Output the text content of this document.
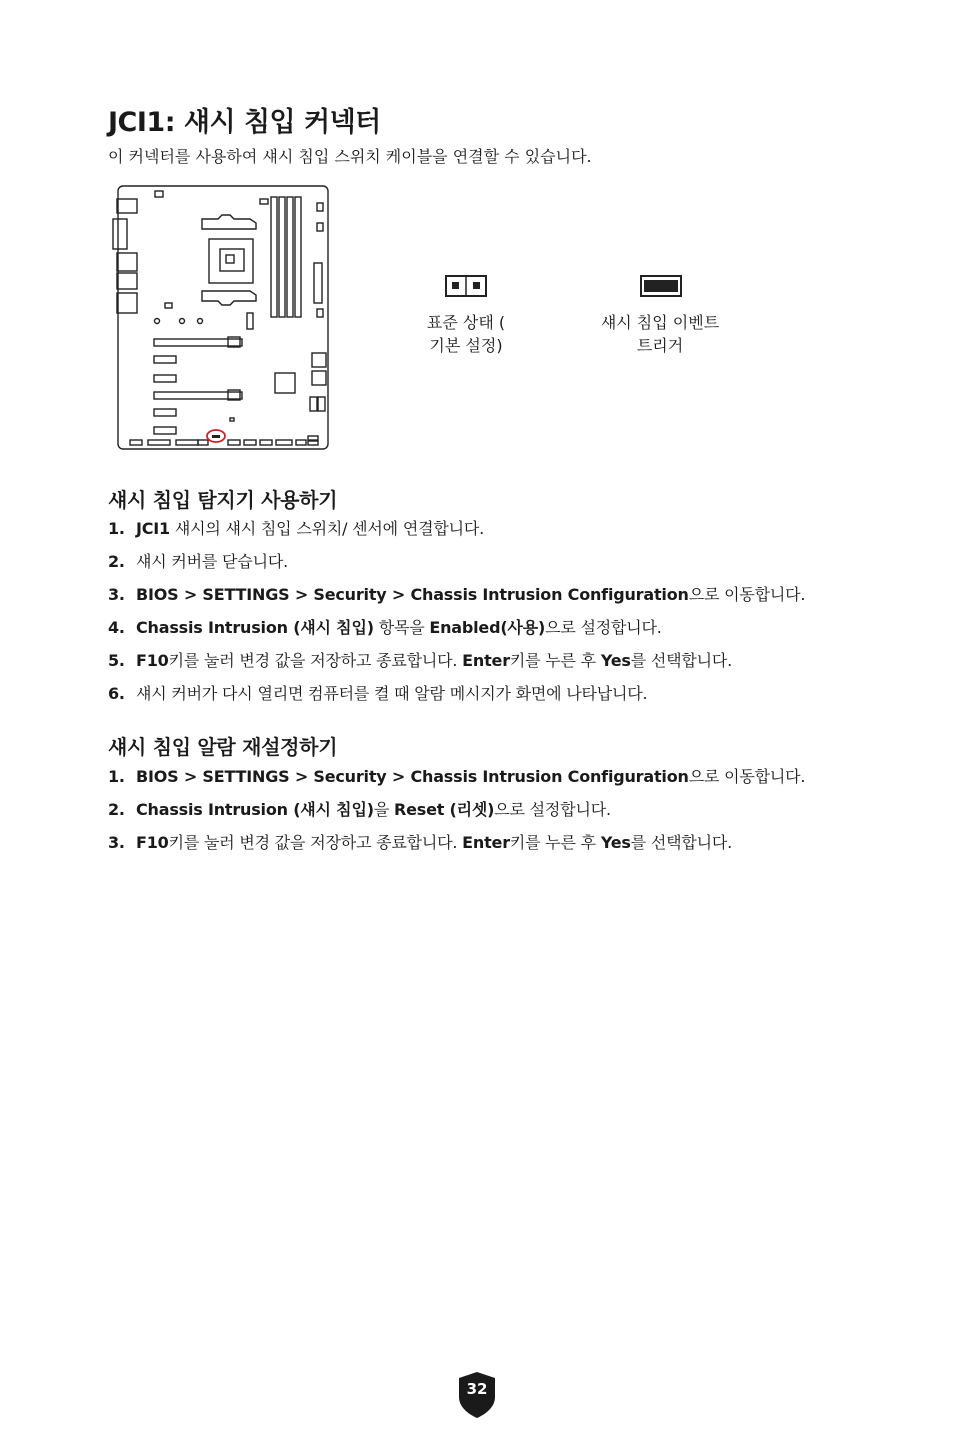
JCI1: 섀시 침입 커넥터
이 커넥터를 사용하여 섀시 침입 스위치 케이블을 연결할 수 있습니다.
표준 상태 (
기본 설정)
섀시 침입 이벤트
트리거
섀시 침입 탐지기 사용하기
1. JCI1 섀시의 섀시 침입 스위치/ 센서에 연결합니다.
2. 섀시 커버를 닫습니다.
3. BIOS > SETTINGS > Security > Chassis Intrusion Configuration으로 이동합니다.
4. Chassis Intrusion (섀시 침입) 항목을 Enabled(사용)으로 설정합니다.
5. F10키를 눌러 변경 값을 저장하고 종료합니다. Enter키를 누른 후 Yes를 선택합니다.
6. 섀시 커버가 다시 열리면 컴퓨터를 켤 때 알람 메시지가 화면에 나타납니다.
섀시 침입 알람 재설정하기
1. BIOS > SETTINGS > Security > Chassis Intrusion Configuration으로 이동합니다.
2. Chassis Intrusion (섀시 침입)을 Reset (리셋)으로 설정합니다.
3. F10키를 눌러 변경 값을 저장하고 종료합니다. Enter키를 누른 후 Yes를 선택합니다.
32
